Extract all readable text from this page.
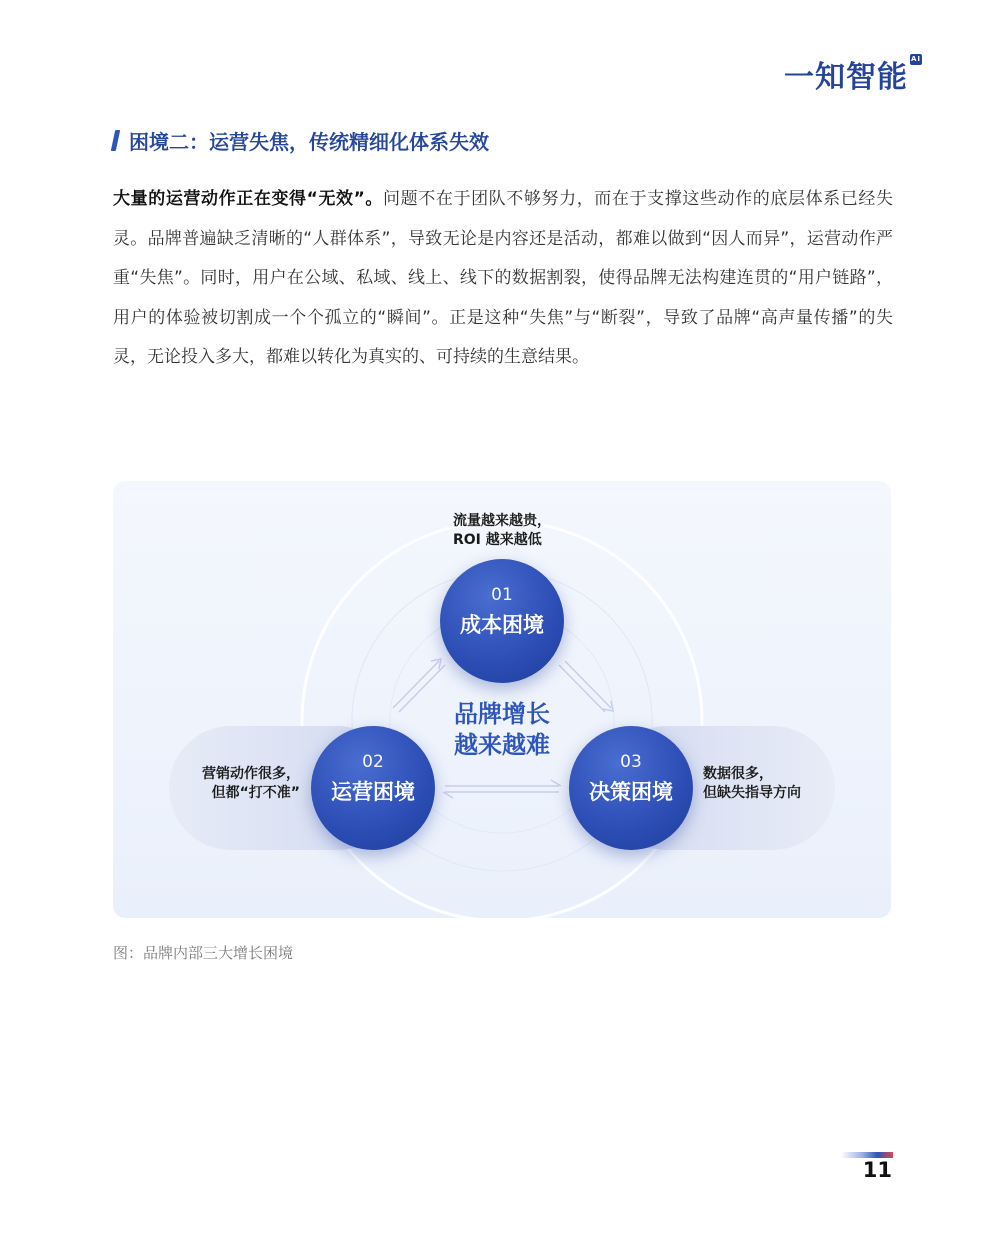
一知智能
AI
困境二：运营失焦，传统精细化体系失效
大量的运营动作正在变得“无效”。问题不在于团队不够努力，而在于支撑这些动作的底层体系已经失灵。品牌普遍缺乏清晰的“人群体系”，导致无论是内容还是活动，都难以做到“因人而异”，运营动作严重“失焦”。同时，用户在公域、私域、线上、线下的数据割裂，使得品牌无法构建连贯的“用户链路”，用户的体验被切割成一个个孤立的“瞬间”。正是这种“失焦”与“断裂”，导致了品牌“高声量传播”的失灵，无论投入多大，都难以转化为真实的、可持续的生意结果。
流量越来越贵，
ROI 越来越低
营销动作很多，
但都“打不准”
数据很多，
但缺失指导方向
01
成本困境
02
运营困境
03
决策困境
品牌增长
越来越难
图：品牌内部三大增长困境
11
